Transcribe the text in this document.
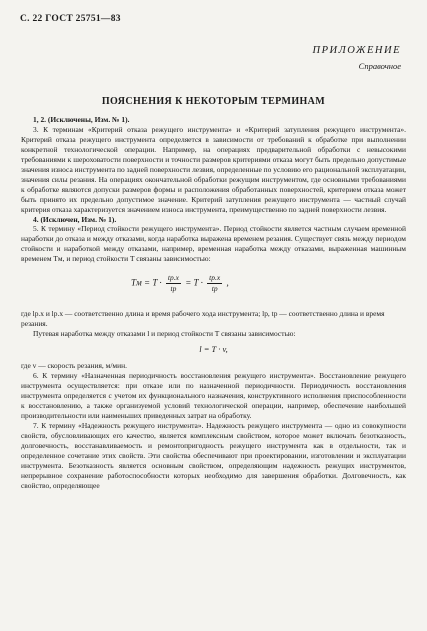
С. 22 ГОСТ 25751—83
ПРИЛОЖЕНИЕ
Справочное
ПОЯСНЕНИЯ К НЕКОТОРЫМ ТЕРМИНАМ

1, 2. (Исключены, Изм. № 1).

3. К терминам «Критерий отказа режущего инструмента» и «Критерий затупления режущего инструмента». Критерий отказа режущего инструмента определяется в зависимости от требований к обработке при выполнении конкретной технологической операции. Например, на операциях предварительной обработки с невысокими требованиями к шероховатости поверхности и точности размеров критериями отказа могут быть предельно допустимые значения износа инструмента по задней поверхности лезвия, определенные по условию его рациональной эксплуатации, значения силы резания. На операциях окончательной обработки режущим инструментом, где основными требованиями к обработке являются допуски размеров формы и расположения обработанных поверхностей, критерием отказа может быть принято их предельно допустимое значение. Критерий затупления режущего инструмента — частный случай критерия отказа характеризуется значением износа инструмента, преимущественно по задней поверхности лезвия.

4. (Исключен, Изм. № 1).

5. К термину «Период стойкости режущего инструмента». Период стойкости является частным случаем временной наработки до отказа и между отказами, когда наработка выражена временем резания. Существует связь между периодом стойкости и наработкой между отказами, например, временная наработка между отказами, выраженная машинным временем Tм, и период стойкости T связаны зависимостью:

Tм = $T \cdot \frac{tр.х}{tр} = T \cdot \frac{tр.х}{tр}$ ,

где lр.х и lр.х — соответственно длина и время рабочего хода инструмента; lр, tр — соответственно длина и время резания.

Путевая наработка между отказами l и период стойкости T связаны зависимостью:

l = T · v,

где v — скорость резания, м/мин.

6. К термину «Назначенная периодичность восстановления режущего инструмента». Восстановление режущего инструмента осуществляется: при отказе или по назначенной периодичности. Периодичность восстановления инструмента определяется с учетом их функционального назначения, конструктивного исполнения приспособленности к восстановлению, а также организуемой условий технологической операции, например, обеспечение наибольшей производительности или наименьших приведенных затрат на обработку.

7. К термину «Надежность режущего инструмента». Надежность режущего инструмента — одно из совокупности свойств, обусловливающих его качество, является комплексным свойством, которое может включать безотказность, долговечность, восстанавливаемость и ремонтопригодность режущего инструмента как в отдельности, так и определенное сочетание этих свойств. Эти свойства обеспечивают при проектировании, изготовлении и эксплуатации инструмента. Безотказность является основным свойством, определяющим надежность режущих инструментов, непрерывное сохранение работоспособности которых необходимо для завершения обработки. Долговечность, как свойство, определяющее
